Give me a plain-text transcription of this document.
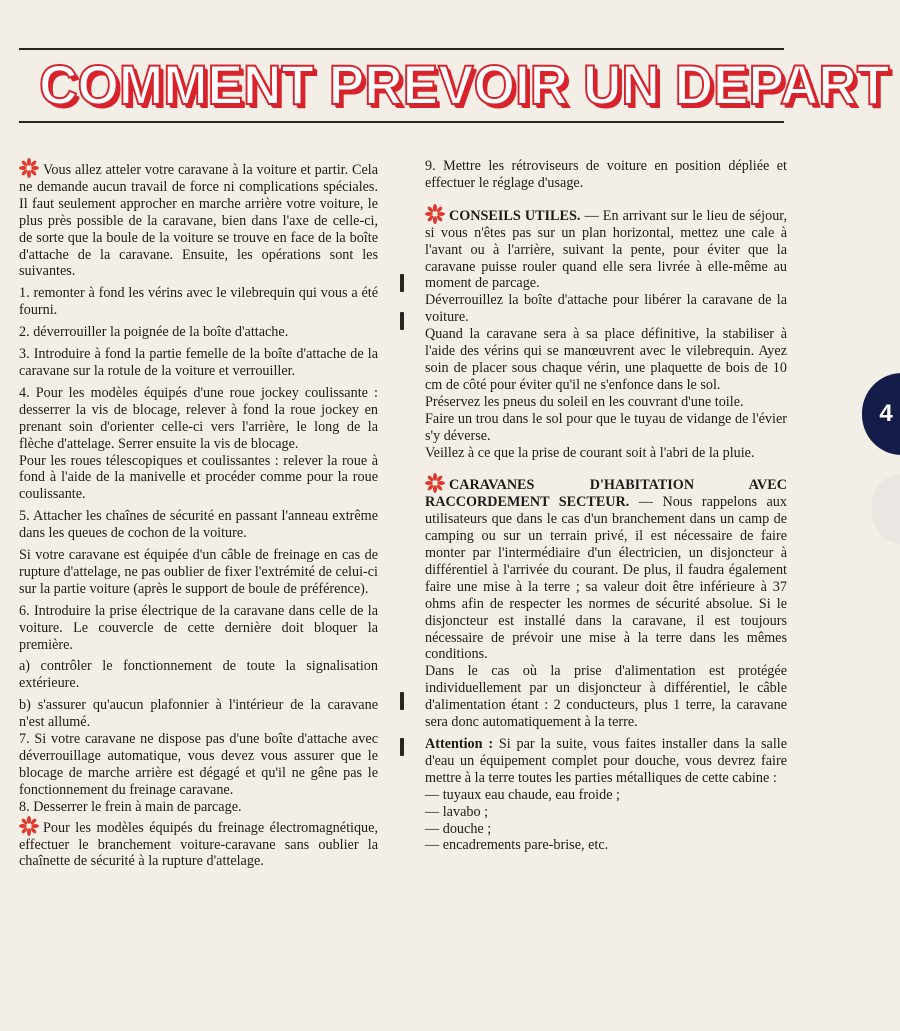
COMMENT PREVOIR UN DEPART

Vous allez atteler votre caravane à la voiture et partir. Cela ne demande aucun travail de force ni complications spéciales. Il faut seulement approcher en marche arrière votre voiture, le plus près possible de la caravane, bien dans l'axe de celle-ci, de sorte que la boule de la voiture se trouve en face de la boîte d'attache de la caravane. Ensuite, les opérations sont les suivantes.

1. remonter à fond les vérins avec le vilebrequin qui vous a été fourni.

2. déverrouiller la poignée de la boîte d'attache.

3. Introduire à fond la partie femelle de la boîte d'attache de la caravane sur la rotule de la voiture et verrouiller.

4. Pour les modèles équipés d'une roue jockey coulissante : desserrer la vis de blocage, relever à fond la roue jockey en prenant soin d'orienter celle-ci vers l'arrière, le long de la flèche d'attelage. Serrer ensuite la vis de blocage.

Pour les roues télescopiques et coulissantes : relever la roue à fond à l'aide de la manivelle et procéder comme pour la roue coulissante.

5. Attacher les chaînes de sécurité en passant l'anneau extrême dans les queues de cochon de la voiture.

Si votre caravane est équipée d'un câble de freinage en cas de rupture d'attelage, ne pas oublier de fixer l'extrémité de celui-ci sur la partie voiture (après le support de boule de préférence).

6. Introduire la prise électrique de la caravane dans celle de la voiture. Le couvercle de cette dernière doit bloquer la première.

a) contrôler le fonctionnement de toute la signalisation extérieure.

b) s'assurer qu'aucun plafonnier à l'intérieur de la caravane n'est allumé.

7. Si votre caravane ne dispose pas d'une boîte d'attache avec déverrouillage automatique, vous devez vous assurer que le blocage de marche arrière est dégagé et qu'il ne gêne pas le fonctionnement du freinage caravane.

8. Desserrer le frein à main de parcage.

Pour les modèles équipés du freinage électromagnétique, effectuer le branchement voiture-caravane sans oublier la chaînette de sécurité à la rupture d'attelage.

9. Mettre les rétroviseurs de voiture en position dépliée et effectuer le réglage d'usage.

CONSEILS UTILES. — En arrivant sur le lieu de séjour, si vous n'êtes pas sur un plan horizontal, mettez une cale à l'avant ou à l'arrière, suivant la pente, pour éviter que la caravane puisse rouler quand elle sera livrée à elle-même au moment de parcage.

Déverrouillez la boîte d'attache pour libérer la caravane de la voiture.

Quand la caravane sera à sa place définitive, la stabiliser à l'aide des vérins qui se manœuvrent avec le vilebrequin. Ayez soin de placer sous chaque vérin, une plaquette de bois de 10 cm de côté pour éviter qu'il ne s'enfonce dans le sol.

Préservez les pneus du soleil en les couvrant d'une toile.

Faire un trou dans le sol pour que le tuyau de vidange de l'évier s'y déverse.

Veillez à ce que la prise de courant soit à l'abri de la pluie.

CARAVANES D'HABITATION AVEC RACCORDEMENT SECTEUR. — Nous rappelons aux utilisateurs que dans le cas d'un branchement dans un camp de camping ou sur un terrain privé, il est nécessaire de faire monter par l'intermédiaire d'un électricien, un disjoncteur à différentiel à l'arrivée du courant. De plus, il faudra également faire une mise à la terre ; sa valeur doit être inférieure à 37 ohms afin de respecter les normes de sécurité absolue. Si le disjoncteur est installé dans la caravane, il est toujours nécessaire de prévoir une mise à la terre dans les mêmes conditions.

Dans le cas où la prise d'alimentation est protégée individuellement par un disjoncteur à différentiel, le câble d'alimentation étant : 2 conducteurs, plus 1 terre, la caravane sera donc automatiquement à la terre.

Attention : Si par la suite, vous faites installer dans la salle d'eau un équipement complet pour douche, vous devrez faire mettre à la terre toutes les parties métalliques de cette cabine :

— tuyaux eau chaude, eau froide ;
— lavabo ;
— douche ;
— encadrements pare-brise, etc.
4
